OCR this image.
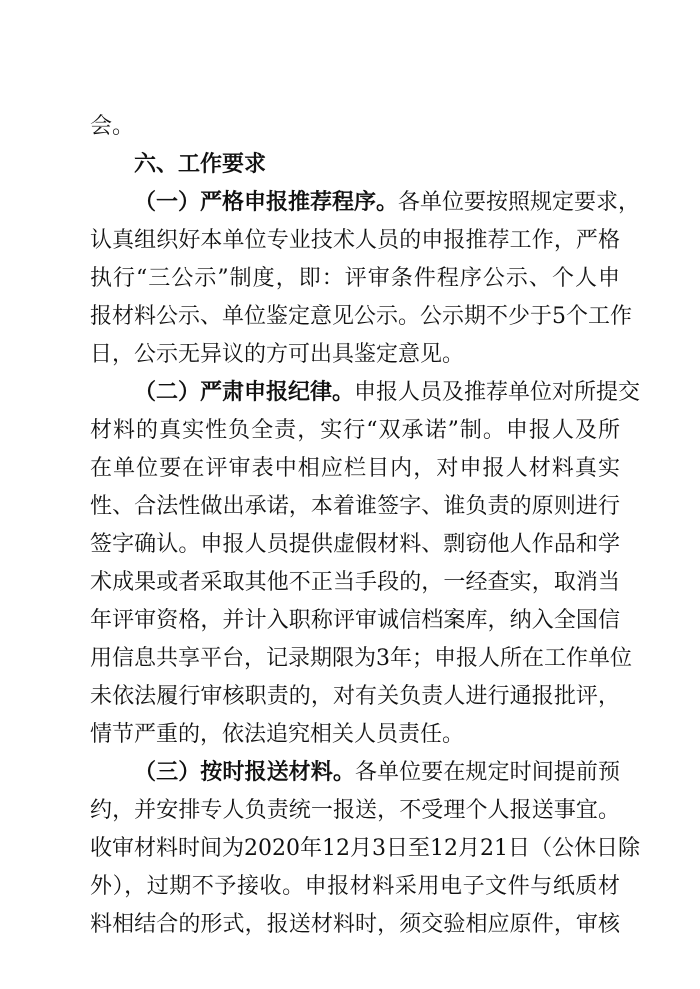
会。
六、工作要求
（一）严格申报推荐程序。各单位要按照规定要求，
认真组织好本单位专业技术人员的申报推荐工作，严格
执行“三公示”制度，即：评审条件程序公示、个人申
报材料公示、单位鉴定意见公示。公示期不少于5个工作
日，公示无异议的方可出具鉴定意见。
（二）严肃申报纪律。申报人员及推荐单位对所提交
材料的真实性负全责，实行“双承诺”制。申报人及所
在单位要在评审表中相应栏目内，对申报人材料真实
性、合法性做出承诺，本着谁签字、谁负责的原则进行
签字确认。申报人员提供虚假材料、剽窃他人作品和学
术成果或者采取其他不正当手段的，一经查实，取消当
年评审资格，并计入职称评审诚信档案库，纳入全国信
用信息共享平台，记录期限为3年；申报人所在工作单位
未依法履行审核职责的，对有关负责人进行通报批评，
情节严重的，依法追究相关人员责任。
（三）按时报送材料。各单位要在规定时间提前预
约，并安排专人负责统一报送，不受理个人报送事宜。
收审材料时间为2020年12月3日至12月21日（公休日除
外），过期不予接收。申报材料采用电子文件与纸质材
料相结合的形式，报送材料时，须交验相应原件，审核
